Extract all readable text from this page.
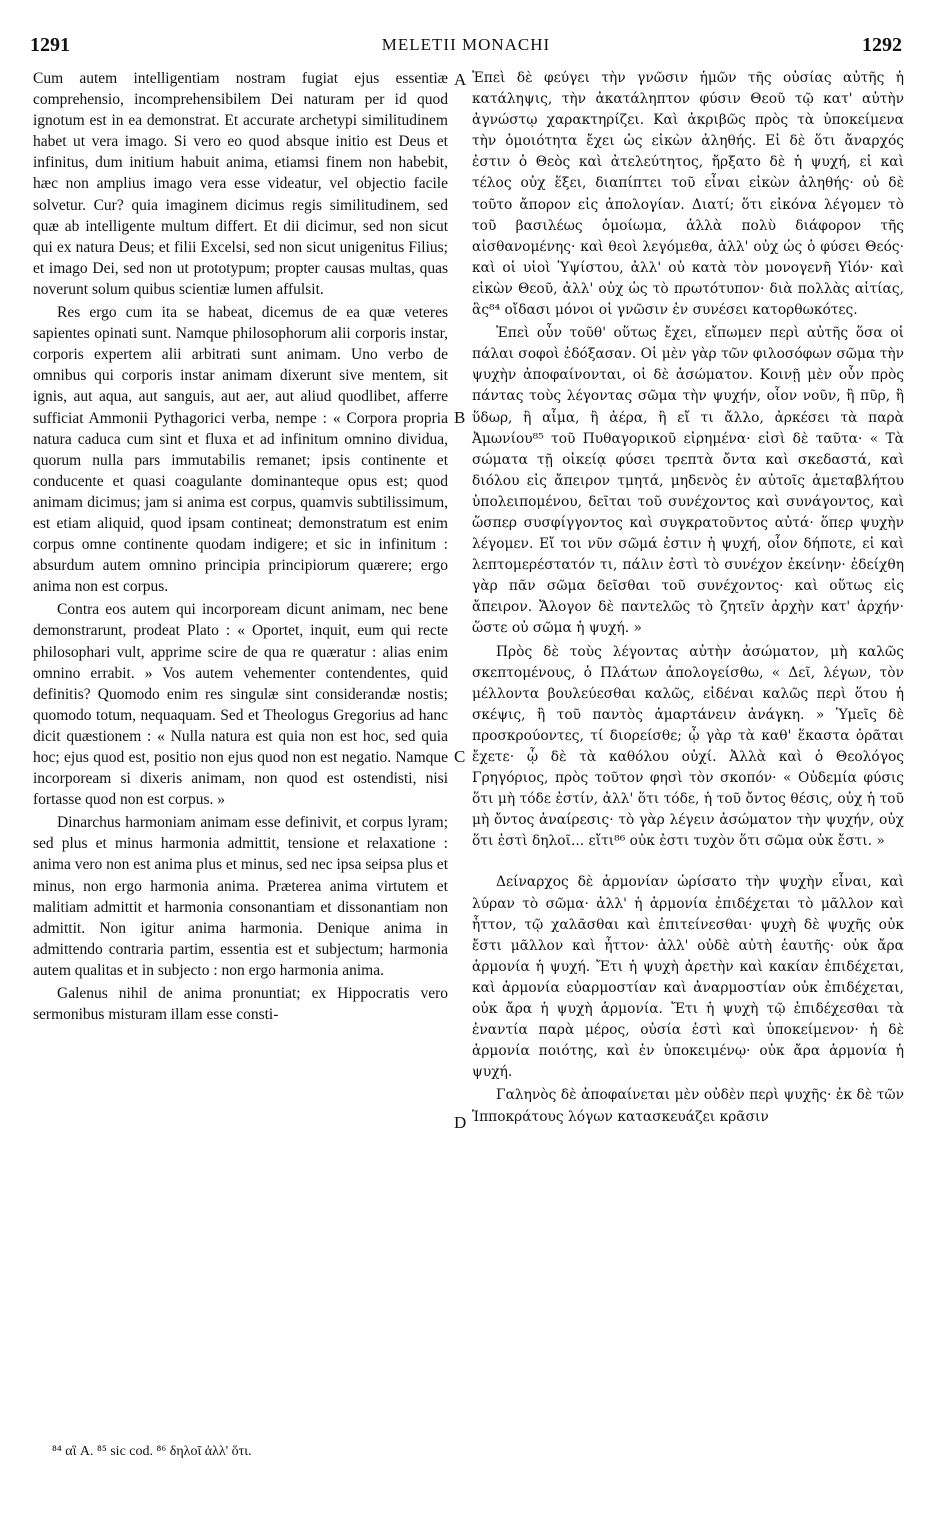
1291	MELETII MONACHI	1292

Cum autem intelligentiam nostram fugiat ejus essentiæ comprehensio, incomprehensibilem Dei naturam per id quod ignotum est in ea demonstrat. Et accurate archetypi similitudinem habet ut vera imago. Si vero eo quod absque initio est Deus et infinitus, dum initium habuit anima, etiamsi finem non habebit, hæc non amplius imago vera esse videatur, vel objectio facile solvetur. Cur? quia imaginem dicimus regis similitudinem, sed quæ ab intelligente multum differt. Et dii dicimur, sed non sicut qui ex natura Deus; et filii Excelsi, sed non sicut unigenitus Filius; et imago Dei, sed non ut prototypum; propter causas multas, quas noverunt solum quibus scientiæ lumen affulsit.

Res ergo cum ita se habeat, dicemus de ea quæ veteres sapientes opinati sunt. Namque philosophorum alii corporis instar, corporis expertem alii arbitrati sunt animam. Uno verbo de omnibus qui corporis instar animam dixerunt sive mentem, sit ignis, aut aqua, aut sanguis, aut aer, aut aliud quodlibet, afferre sufficiat Ammonii Pythagorici verba, nempe : « Corpora propria natura caduca cum sint et fluxa et ad infinitum omnino dividua, quorum nulla pars immutabilis remanet; ipsis continente et conducente et quasi coagulante dominanteque opus est; quod animam dicimus; jam si anima est corpus, quamvis subtilissimum, est etiam aliquid, quod ipsam contineat; demonstratum est enim corpus omne continente quodam indigere; et sic in infinitum : absurdum autem omnino principia principiorum quærere; ergo anima non est corpus.

Contra eos autem qui incorpoream dicunt animam, nec bene demonstrarunt, prodeat Plato : « Oportet, inquit, eum qui recte philosophari vult, apprime scire de qua re quæratur : alias enim omnino errabit. » Vos autem vehementer contendentes, quid definitis? Quomodo enim res singulæ sint considerandæ nostis; quomodo totum, nequaquam. Sed et Theologus Gregorius ad hanc dicit quæstionem : « Nulla natura est quia non est hoc, sed quia hoc; ejus quod est, positio non ejus quod non est negatio. Namque incorpoream si dixeris animam, non quod est ostendisti, nisi fortasse quod non est corpus. »

Dinarchus harmoniam animam esse definivit, et corpus lyram; sed plus et minus harmonia admittit, tensione et relaxatione : anima vero non est anima plus et minus, sed nec ipsa seipsa plus et minus, non ergo harmonia anima. Præterea anima virtutem et malitiam admittit et harmonia consonantiam et dissonantiam non admittit. Non igitur anima harmonia. Denique anima in admittendo contraria partim, essentia est et subjectum; harmonia autem qualitas et in subjecto : non ergo harmonia anima.

Galenus nihil de anima pronuntiat; ex Hippocratis vero sermonibus misturam illam esse consti-

A
B
C
D

Ἐπεὶ δὲ φεύγει τὴν γνῶσιν ἡμῶν τῆς οὐσίας αὐτῆς ἡ κατάληψις, τὴν ἀκατάληπτον φύσιν Θεοῦ τῷ κατ' αὐτὴν ἀγνώστῳ χαρακτηρίζει. Καὶ ἀκριβῶς πρὸς τὰ ὑποκείμενα τὴν ὁμοιότητα ἔχει ὡς εἰκὼν ἀληθής. Εἰ δὲ ὅτι ἄναρχός ἐστιν ὁ Θεὸς καὶ ἀτελεύτητος, ἤρξατο δὲ ἡ ψυχή, εἰ καὶ τέλος οὐχ ἕξει, διαπίπτει τοῦ εἶναι εἰκὼν ἀληθής· οὐ δὲ τοῦτο ἄπορον εἰς ἀπολογίαν. Διατί; ὅτι εἰκόνα λέγομεν τὸ τοῦ βασιλέως ὁμοίωμα, ἀλλὰ πολὺ διάφορον τῆς αἰσθανομένης· καὶ θεοὶ λεγόμεθα, ἀλλ' οὐχ ὡς ὁ φύσει Θεός· καὶ οἱ υἱοὶ Ὑψίστου, ἀλλ' οὐ κατὰ τὸν μονογενῆ Υἱόν· καὶ εἰκὼν Θεοῦ, ἀλλ' οὐχ ὡς τὸ πρωτότυπον· διὰ πολλὰς αἰτίας, ἃς⁸⁴ οἴδασι μόνοι οἱ γνῶσιν ἐν συνέσει κατορθωκότες.

Ἐπεὶ οὖν τοῦθ' οὕτως ἔχει, εἴπωμεν περὶ αὐτῆς ὅσα οἱ πάλαι σοφοὶ ἐδόξασαν. Οἱ μὲν γὰρ τῶν φιλοσόφων σῶμα τὴν ψυχὴν ἀποφαίνονται, οἱ δὲ ἀσώματον. Κοινῇ μὲν οὖν πρὸς πάντας τοὺς λέγοντας σῶμα τὴν ψυχήν, οἷον νοῦν, ἢ πῦρ, ἢ ὕδωρ, ἢ αἷμα, ἢ ἀέρα, ἢ εἴ τι ἄλλο, ἀρκέσει τὰ παρὰ Ἀμωνίου⁸⁵ τοῦ Πυθαγορικοῦ εἰρημένα· εἰσὶ δὲ ταῦτα· « Τὰ σώματα τῇ οἰκείᾳ φύσει τρεπτὰ ὄντα καὶ σκεδαστά, καὶ διόλου εἰς ἄπειρον τμητά, μηδενὸς ἐν αὐτοῖς ἀμεταβλήτου ὑπολειπομένου, δεῖται τοῦ συνέχοντος καὶ συνάγοντος, καὶ ὥσπερ συσφίγγοντος καὶ συγκρατοῦντος αὐτά· ὅπερ ψυχὴν λέγομεν. Εἴ τοι νῦν σῶμά ἐστιν ἡ ψυχή, οἷον δήποτε, εἰ καὶ λεπτομερέστατόν τι, πάλιν ἐστὶ τὸ συνέχον ἐκείνην· ἐδείχθη γὰρ πᾶν σῶμα δεῖσθαι τοῦ συνέχοντος· καὶ οὕτως εἰς ἄπειρον. Ἄλογον δὲ παντελῶς τὸ ζητεῖν ἀρχὴν κατ' ἀρχήν· ὥστε οὐ σῶμα ἡ ψυχή. »

Πρὸς δὲ τοὺς λέγοντας αὐτὴν ἀσώματον, μὴ καλῶς σκεπτομένους, ὁ Πλάτων ἀπολογείσθω, « Δεῖ, λέγων, τὸν μέλλοντα βουλεύεσθαι καλῶς, εἰδέναι καλῶς περὶ ὅτου ἡ σκέψις, ἢ τοῦ παντὸς ἁμαρτάνειν ἀνάγκη. » Ὑμεῖς δὲ προσκρούοντες, τί διορείσθε; ᾧ γὰρ τὰ καθ' ἕκαστα ὁρᾶται ἔχετε· ᾧ δὲ τὰ καθόλου οὐχί. Ἀλλὰ καὶ ὁ Θεολόγος Γρηγόριος, πρὸς τοῦτον φησὶ τὸν σκοπόν· « Οὐδεμία φύσις ὅτι μὴ τόδε ἐστίν, ἀλλ' ὅτι τόδε, ἡ τοῦ ὄντος θέσις, οὐχ ἡ τοῦ μὴ ὄντος ἀναίρεσις· τὸ γὰρ λέγειν ἀσώματον τὴν ψυχήν, οὐχ ὅτι ἐστὶ δηλοῖ... εἴτι⁸⁶ οὐκ ἐστι τυχὸν ὅτι σῶμα οὐκ ἔστι. »

Δείναρχος δὲ ἁρμονίαν ὡρίσατο τὴν ψυχὴν εἶναι, καὶ λύραν τὸ σῶμα· ἀλλ' ἡ ἁρμονία ἐπιδέχεται τὸ μᾶλλον καὶ ἧττον, τῷ χαλᾶσθαι καὶ ἐπιτείνεσθαι· ψυχὴ δὲ ψυχῆς οὐκ ἔστι μᾶλλον καὶ ἧττον· ἀλλ' οὐδὲ αὐτὴ ἑαυτῆς· οὐκ ἄρα ἁρμονία ἡ ψυχή. Ἔτι ἡ ψυχὴ ἀρετὴν καὶ κακίαν ἐπιδέχεται, καὶ ἁρμονία εὐαρμοστίαν καὶ ἀναρμοστίαν οὐκ ἐπιδέχεται, οὐκ ἄρα ἡ ψυχὴ ἁρμονία. Ἔτι ἡ ψυχὴ τῷ ἐπιδέχεσθαι τὰ ἐναντία παρὰ μέρος, οὐσία ἐστὶ καὶ ὑποκείμενον· ἡ δὲ ἁρμονία ποιότης, καὶ ἐν ὑποκειμένῳ· οὐκ ἄρα ἁρμονία ἡ ψυχή.

Γαληνὸς δὲ ἀποφαίνεται μὲν οὐδὲν περὶ ψυχῆς· ἐκ δὲ τῶν Ἱπποκράτους λόγων κατασκευάζει κρᾶσιν

⁸⁴ αἳ A. ⁸⁵ sic cod. ⁸⁶ δηλοῖ ἀλλ' ὅτι.
